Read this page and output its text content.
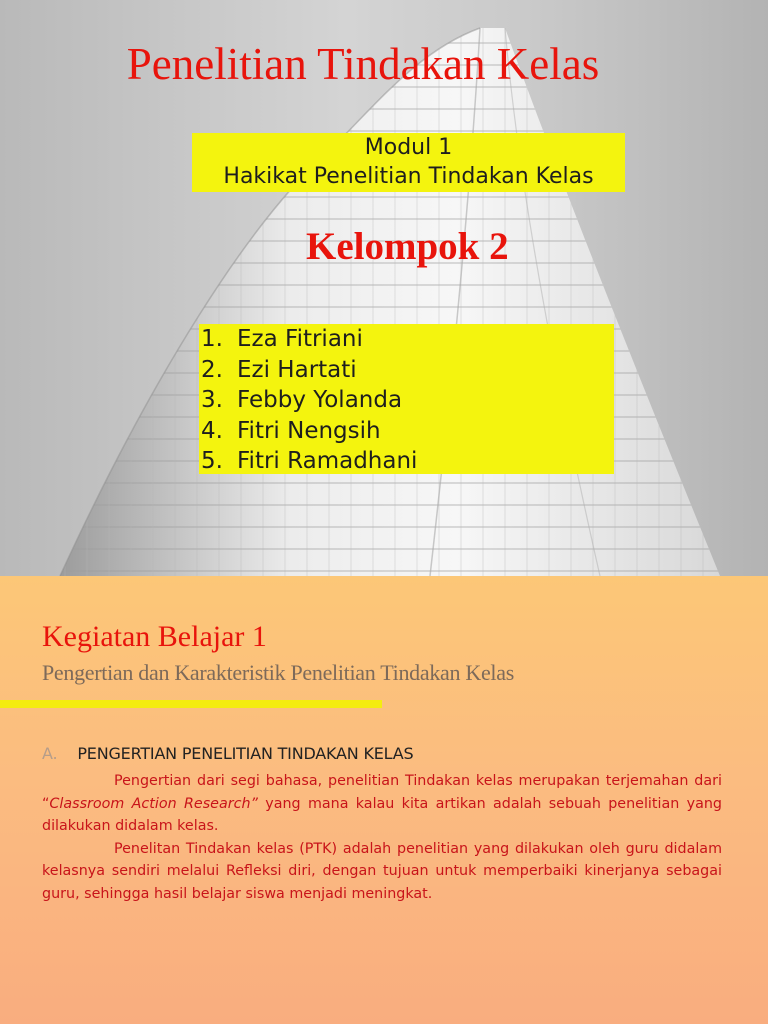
Penelitian Tindakan Kelas
Modul 1
Hakikat Penelitian Tindakan Kelas
Kelompok 2
1. Eza Fitriani
2. Ezi Hartati
3. Febby Yolanda
4. Fitri Nengsih
5. Fitri Ramadhani
Kegiatan Belajar 1
Pengertian dan Karakteristik Penelitian Tindakan Kelas
A. PENGERTIAN PENELITIAN TINDAKAN KELAS

Pengertian dari segi bahasa, penelitian Tindakan kelas merupakan terjemahan dari “Classroom Action Research” yang mana kalau kita artikan adalah sebuah penelitian yang dilakukan didalam kelas.

Penelitan Tindakan kelas (PTK) adalah penelitian yang dilakukan oleh guru didalam kelasnya sendiri melalui Refleksi diri, dengan tujuan untuk memperbaiki kinerjanya sebagai guru, sehingga hasil belajar siswa menjadi meningkat.
